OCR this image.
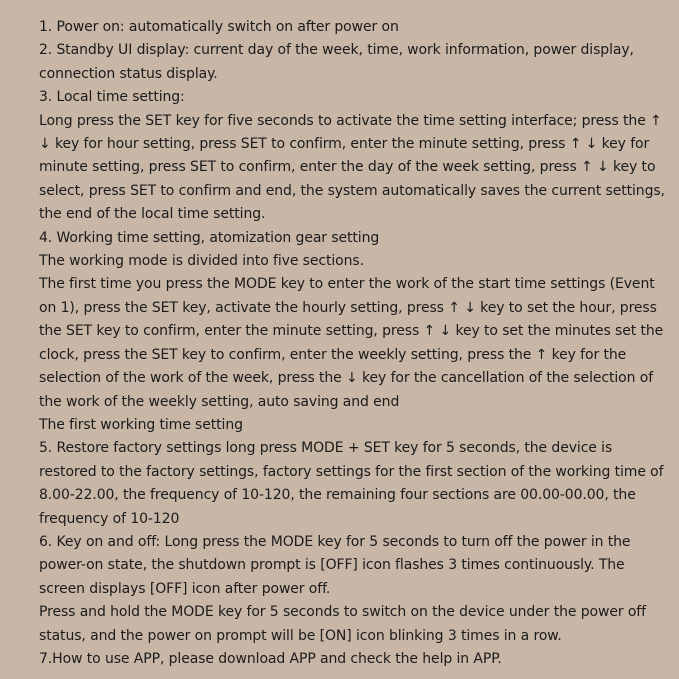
1. Power on: automatically switch on after power on
2. Standby UI display: current day of the week, time, work information, power display, connection status display.
3. Local time setting:
Long press the SET key for five seconds to activate the time setting interface; press the ↑ ↓ key for hour setting, press SET to confirm, enter the minute setting, press ↑ ↓ key for minute setting, press SET to confirm, enter the day of the week setting, press ↑ ↓ key to select, press SET to confirm and end, the system automatically saves the current settings, the end of the local time setting.
4. Working time setting, atomization gear setting
The working mode is divided into five sections.
The first time you press the MODE key to enter the work of the start time settings (Event on 1), press the SET key, activate the hourly setting, press ↑ ↓ key to set the hour, press the SET key to confirm, enter the minute setting, press ↑ ↓ key to set the minutes set the clock, press the SET key to confirm, enter the weekly setting, press the ↑ key for the selection of the work of the week, press the ↓ key for the cancellation of the selection of the work of the weekly setting, auto saving and end
The first working time setting
5. Restore factory settings long press MODE + SET key for 5 seconds, the device is restored to the factory settings, factory settings for the first section of the working time of 8.00-22.00, the frequency of 10-120, the remaining four sections are 00.00-00.00, the frequency of 10-120
6. Key on and off: Long press the MODE key for 5 seconds to turn off the power in the power-on state, the shutdown prompt is [OFF] icon flashes 3 times continuously. The screen displays [OFF] icon after power off.
Press and hold the MODE key for 5 seconds to switch on the device under the power off status, and the power on prompt will be [ON] icon blinking 3 times in a row.
7.How to use APP, please download APP and check the help in APP.
